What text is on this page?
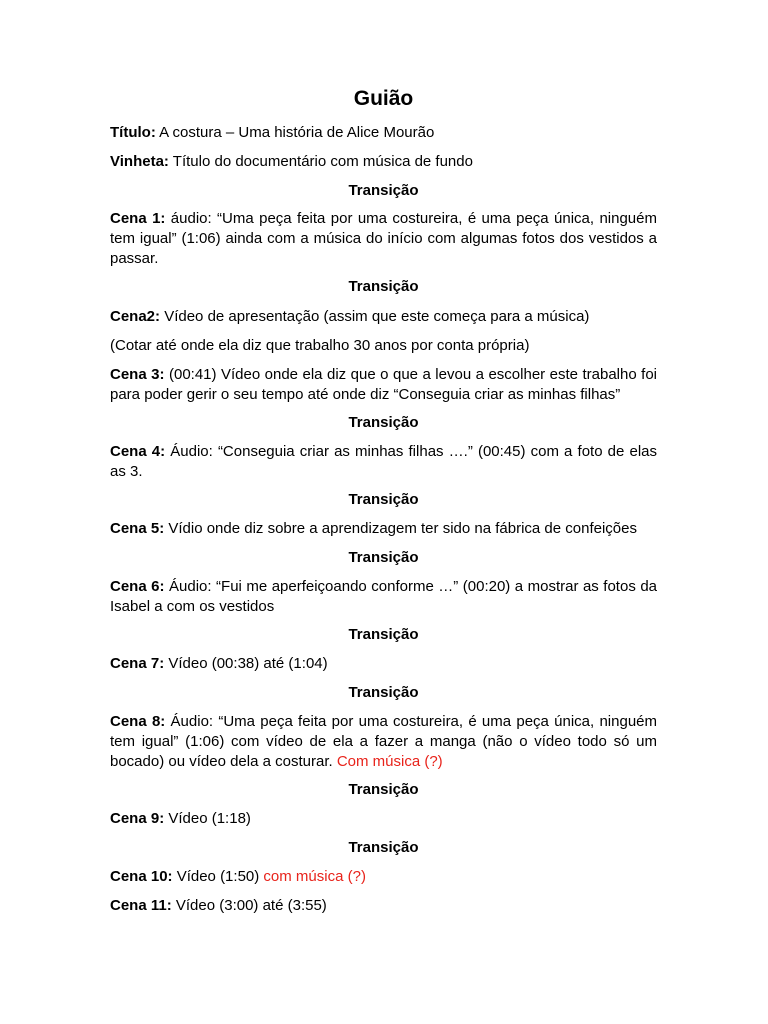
Guião

Título: A costura – Uma história de Alice Mourão

Vinheta: Título do documentário com música de fundo

Transição

Cena 1: áudio: “Uma peça feita por uma costureira, é uma peça única, ninguém tem igual” (1:06) ainda com a música do início com algumas fotos dos vestidos a passar.

Transição

Cena2: Vídeo de apresentação (assim que este começa para a música)

(Cotar até onde ela diz que trabalho 30 anos por conta própria)

Cena 3: (00:41) Vídeo onde ela diz que o que a levou a escolher este trabalho foi para poder gerir o seu tempo até onde diz “Conseguia criar as minhas filhas”

Transição

Cena 4: Áudio: “Conseguia criar as minhas filhas ….” (00:45) com a foto de elas as 3.

Transição

Cena 5: Vídio onde diz sobre a aprendizagem ter sido na fábrica de confeições

Transição

Cena 6: Áudio: “Fui me aperfeiçoando conforme …” (00:20) a mostrar as fotos da Isabel a com os vestidos

Transição

Cena 7: Vídeo (00:38) até (1:04)

Transição

Cena 8: Áudio: “Uma peça feita por uma costureira, é uma peça única, ninguém tem igual” (1:06) com vídeo de ela a fazer a manga (não o vídeo todo só um bocado) ou vídeo dela a costurar. Com música (?)

Transição

Cena 9: Vídeo (1:18)

Transição

Cena 10: Vídeo (1:50) com música (?)

Cena 11: Vídeo (3:00) até (3:55)
